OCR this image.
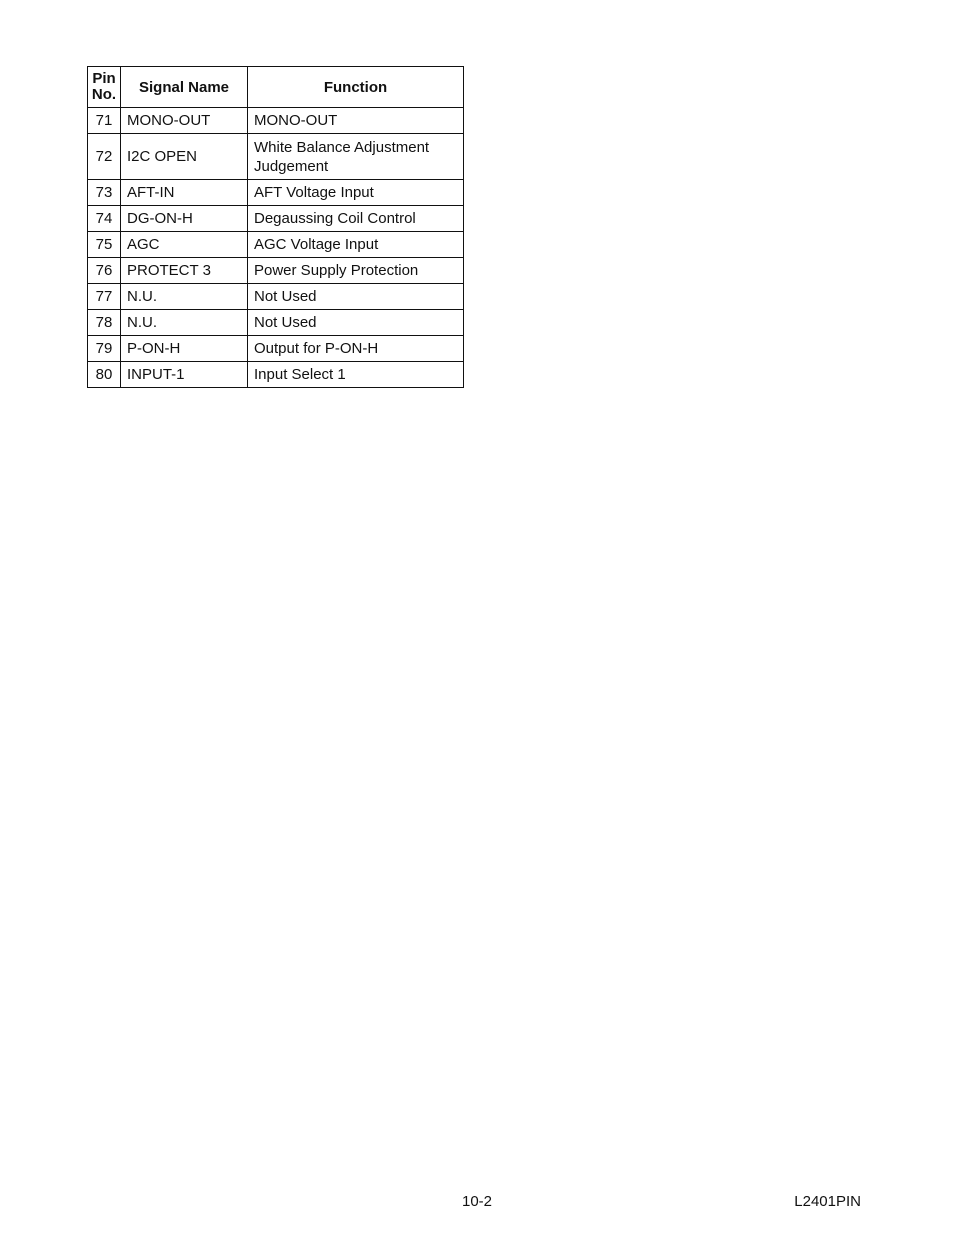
Pin
No.	Signal Name	Function
71	MONO-OUT	MONO-OUT
72	I2C OPEN	White Balance Adjustment Judgement
73	AFT-IN	AFT Voltage Input
74	DG-ON-H	Degaussing Coil Control
75	AGC	AGC Voltage Input
76	PROTECT 3	Power Supply Protection
77	N.U.	Not Used
78	N.U.	Not Used
79	P-ON-H	Output for P-ON-H
80	INPUT-1	Input Select 1
10-2	L2401PIN
